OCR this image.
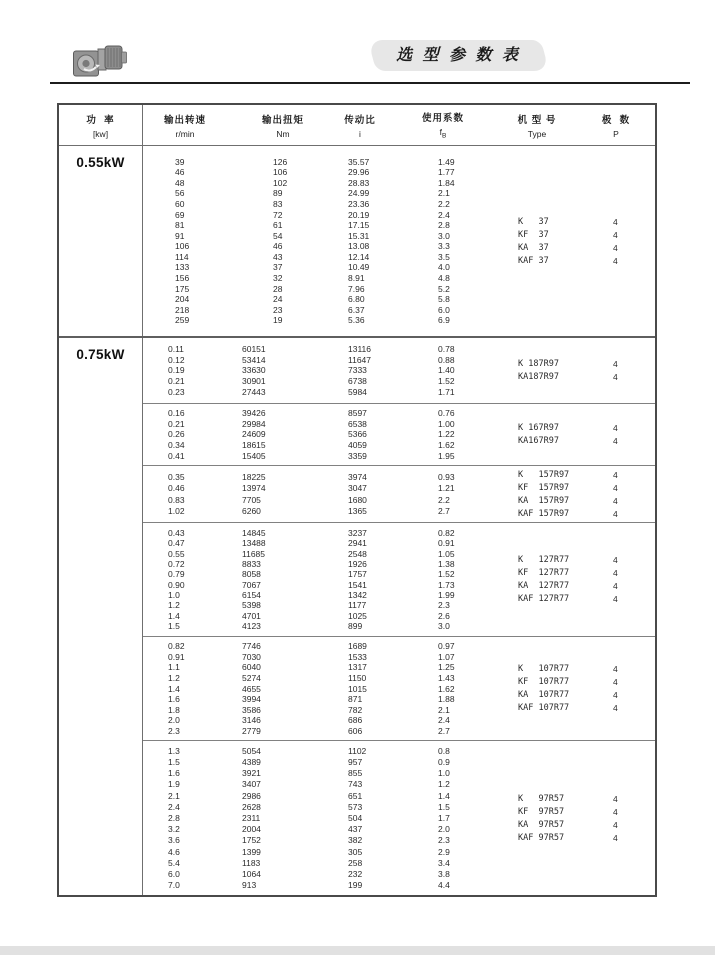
选 型 参 数 表
功  率
[kw]
输出转速
r/min
输出扭矩
Nm
传动比
i
使用系数
$f_B$
机 型 号
Type
极  数
P
0.55kW	39	126	35.57	1.49
46	106	29.96	1.77
48	102	28.83	1.84
56	89	24.99	2.1
60	83	23.36	2.2
69	72	20.19	2.4
81	61	17.15	2.8
91	54	15.31	3.0
106	46	13.08	3.3
114	43	12.14	3.5
133	37	10.49	4.0
156	32	8.91	4.8
175	28	7.96	5.2
204	24	6.80	5.8
218	23	6.37	6.0
259	19	5.36	6.9
K   37	4
KF  37	4
KA  37	4
KAF 37	4
0.75kW	0.11	60151	13116	0.78
0.12	53414	11647	0.88
0.19	33630	7333	1.40
0.21	30901	6738	1.52
0.23	27443	5984	1.71
K 187R97	4
KA187R97	4
0.16	39426	8597	0.76
0.21	29984	6538	1.00
0.26	24609	5366	1.22
0.34	18615	4059	1.62
0.41	15405	3359	1.95
K 167R97	4
KA167R97	4
0.35	18225	3974	0.93
0.46	13974	3047	1.21
0.83	7705	1680	2.2
1.02	6260	1365	2.7
K   157R97	4
KF  157R97	4
KA  157R97	4
KAF 157R97	4
0.43	14845	3237	0.82
0.47	13488	2941	0.91
0.55	11685	2548	1.05
0.72	8833	1926	1.38
0.79	8058	1757	1.52
0.90	7067	1541	1.73
1.0	6154	1342	1.99
1.2	5398	1177	2.3
1.4	4701	1025	2.6
1.5	4123	899	3.0
K   127R77	4
KF  127R77	4
KA  127R77	4
KAF 127R77	4
0.82	7746	1689	0.97
0.91	7030	1533	1.07
1.1	6040	1317	1.25
1.2	5274	1150	1.43
1.4	4655	1015	1.62
1.6	3994	871	1.88
1.8	3586	782	2.1
2.0	3146	686	2.4
2.3	2779	606	2.7
K   107R77	4
KF  107R77	4
KA  107R77	4
KAF 107R77	4
1.3	5054	1102	0.8
1.5	4389	957	0.9
1.6	3921	855	1.0
1.9	3407	743	1.2
2.1	2986	651	1.4
2.4	2628	573	1.5
2.8	2311	504	1.7
3.2	2004	437	2.0
3.6	1752	382	2.3
4.6	1399	305	2.9
5.4	1183	258	3.4
6.0	1064	232	3.8
7.0	913	199	4.4
K   97R57	4
KF  97R57	4
KA  97R57	4
KAF 97R57	4
